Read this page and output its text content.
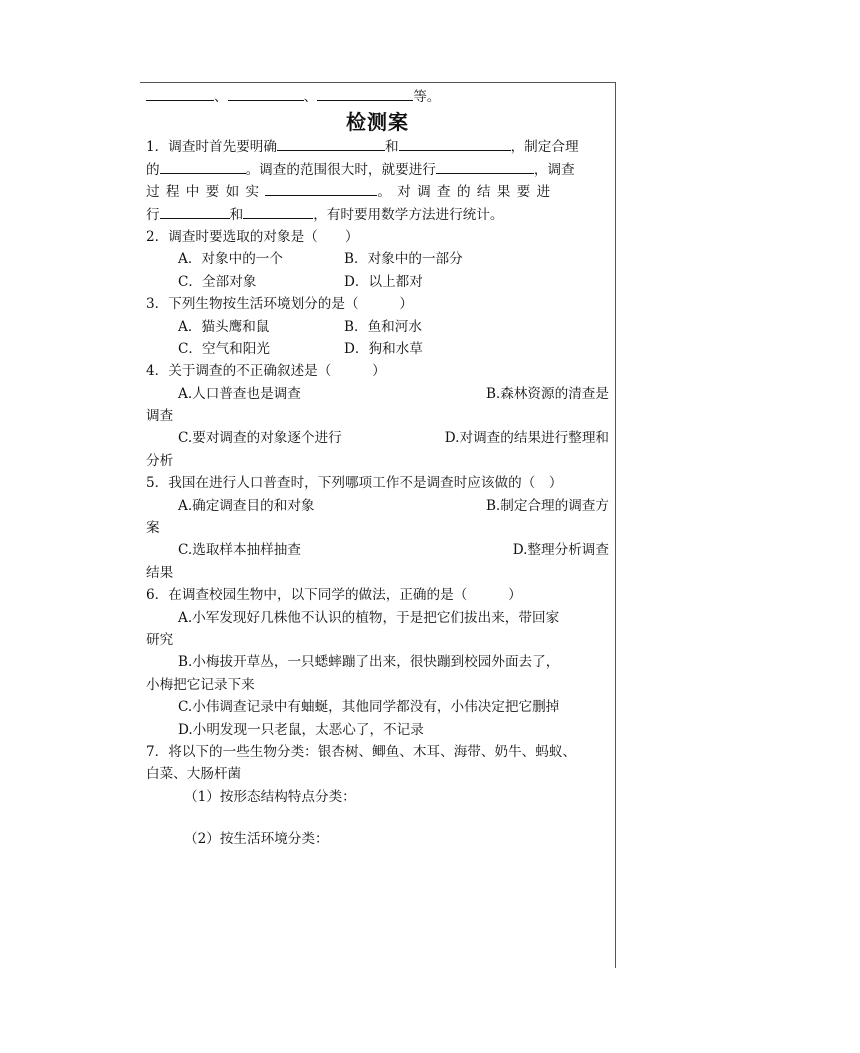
、	、	等。
检测案
1．调查时首先要明确	和	，制定合理
的	。调查的范围很大时，就要进行	，调查
过程中要如实	。对调查的结果要进
行	和	，有时要用数学方法进行统计。
2．调查时要选取的对象是（　　）
A．对象中的一个	B．对象中的一部分
C．全部对象	D．以上都对
3．下列生物按生活环境划分的是（　　　）
A．猫头鹰和鼠	B．鱼和河水
C．空气和阳光	D．狗和水草
4．关于调查的不正确叙述是（　　　）
A.人口普查也是调查	B.森林资源的清查是
调查
C.要对调查的对象逐个进行	D.对调查的结果进行整理和
分析
5．我国在进行人口普查时，下列哪项工作不是调查时应该做的（　）
A.确定调查目的和对象	B.制定合理的调查方
案
C.选取样本抽样抽查	D.整理分析调查
结果
6．在调查校园生物中，以下同学的做法，正确的是（　　　）
A.小军发现好几株他不认识的植物，于是把它们拔出来，带回家
研究
B.小梅拔开草丛，一只蟋蟀蹦了出来，很快蹦到校园外面去了，
小梅把它记录下来
C.小伟调查记录中有蚰蜒，其他同学都没有，小伟决定把它删掉
D.小明发现一只老鼠，太恶心了，不记录
7．将以下的一些生物分类：银杏树、鲫鱼、木耳、海带、奶牛、蚂蚁、
白菜、大肠杆菌
（1）按形态结构特点分类：
（2）按生活环境分类：
